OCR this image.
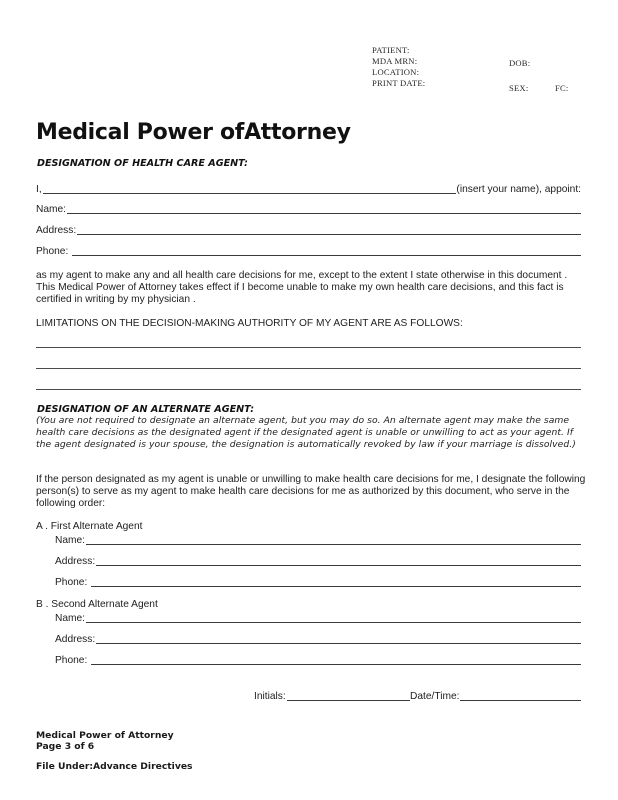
PATIENT:
MDA MRN:
LOCATION:
PRINT DATE:
DOB:
SEX:	FC:
Medical Power ofAttorney
DESIGNATION OF HEALTH CARE AGENT:
I,	(insert your name), appoint:
Name:
Address:
Phone:
as my agent to make any and all health care decisions for me, except to the extent I state otherwise in this document . This Medical Power of Attorney takes effect if I become unable to make my own health care decisions, and this fact is certified in writing by my physician .
LIMITATIONS ON THE DECISION-MAKING AUTHORITY OF MY AGENT ARE AS FOLLOWS:
DESIGNATION OF AN ALTERNATE AGENT:
(You are not required to designate an alternate agent, but you may do so. An alternate agent may make the same health care decisions as the designated agent if the designated agent is unable or unwilling to act as your agent. If the agent designated is your spouse, the designation is automatically revoked by law if your marriage is dissolved.)
If the person designated as my agent is unable or unwilling to make health care decisions for me, I designate the following person(s) to serve as my agent to make health care decisions for me as authorized by this document, who serve in the following order:
A . First Alternate Agent
Name:
Address:
Phone:
B . Second Alternate Agent
Name:
Address:
Phone:
Initials:	Date/Time:
Medical Power of Attorney
Page 3 of 6
File Under:Advance Directives
